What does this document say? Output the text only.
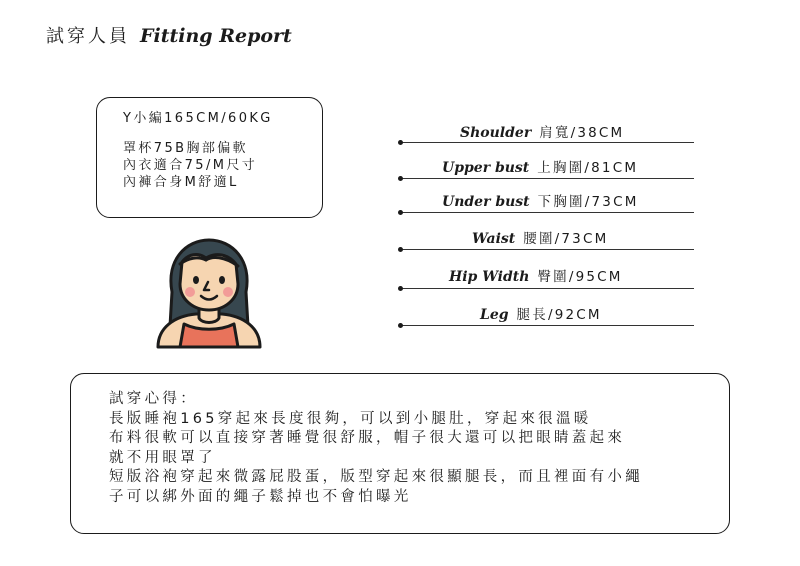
試穿人員 Fitting Report
Y小編165CM/60KG
罩杯75B胸部偏軟
內衣適合75/M尺寸
內褲合身M舒適L
Shoulder 肩寬/38CM
Upper bust 上胸圍/81CM
Under bust 下胸圍/73CM
Waist 腰圍/73CM
Hip Width 臀圍/95CM
Leg 腿長/92CM
試穿心得：
長版睡袍165穿起來長度很夠，可以到小腿肚，穿起來很溫暖
布料很軟可以直接穿著睡覺很舒服，帽子很大還可以把眼睛蓋起來
就不用眼罩了
短版浴袍穿起來微露屁股蛋，版型穿起來很顯腿長，而且裡面有小繩
子可以綁外面的繩子鬆掉也不會怕曝光
